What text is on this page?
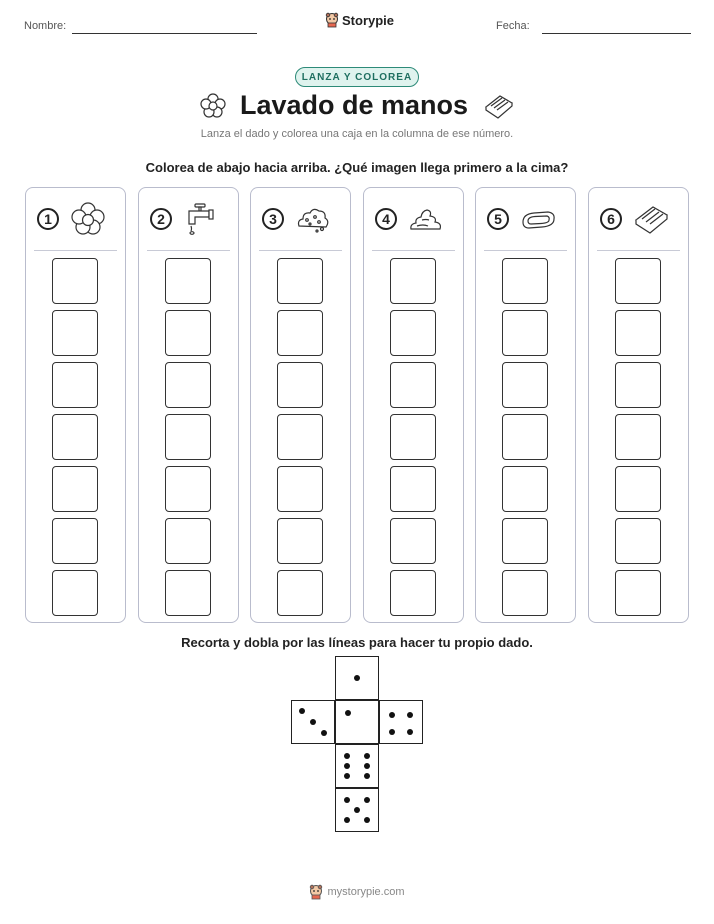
Nombre:	Storypie	Fecha:
LANZA Y COLOREA
Lavado de manos
Lanza el dado y colorea una caja en la columna de ese número.
Colorea de abajo hacia arriba. ¿Qué imagen llega primero a la cima?
1	2	3	4	5	6
Recorta y dobla por las líneas para hacer tu propio dado.
mystorypie.com
